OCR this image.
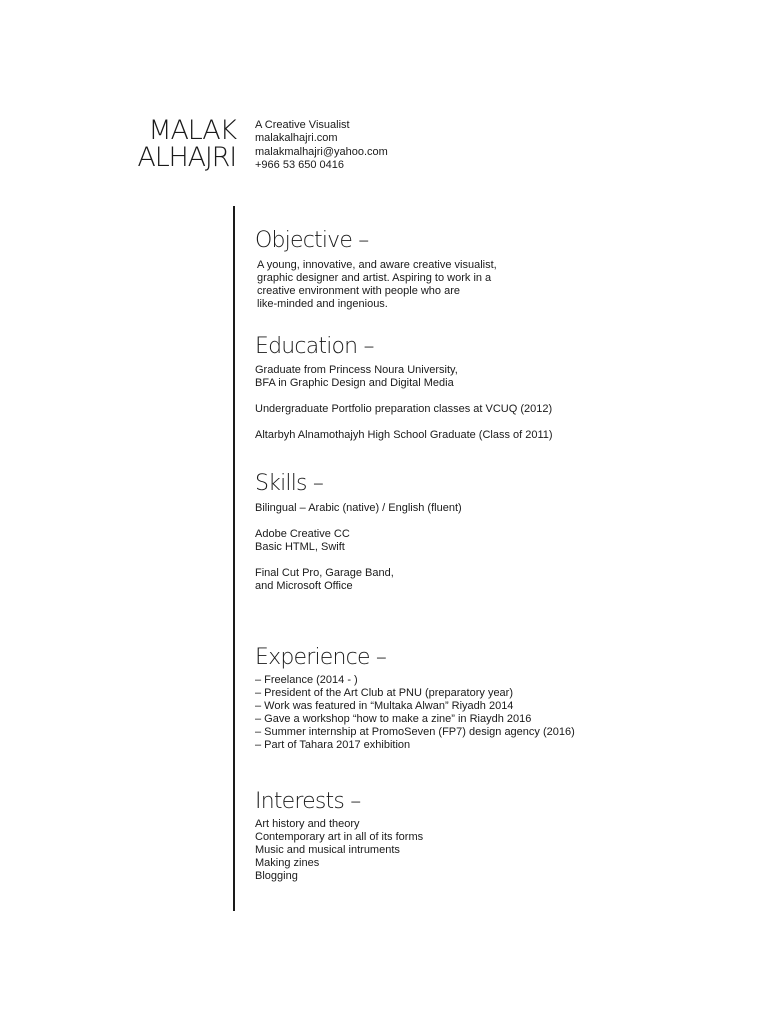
MALAK
ALHAJRI
A Creative Visualist
malakalhajri.com
malakmalhajri@yahoo.com
+966 53 650 0416
Objective –
A young, innovative, and aware creative visualist,
graphic designer and artist. Aspiring to work in a
creative environment with people who are
like-minded and ingenious.
Education –
Graduate from Princess Noura University,
BFA in Graphic Design and Digital Media
Undergraduate Portfolio preparation classes at VCUQ (2012)
Altarbyh Alnamothajyh High School Graduate (Class of 2011)
Skills –
Bilingual – Arabic (native) / English (fluent)
Adobe Creative CC
Basic HTML, Swift
Final Cut Pro, Garage Band,
and Microsoft Office
Experience –
– Freelance (2014 - )
– President of the Art Club at PNU (preparatory year)
– Work was featured in “Multaka Alwan” Riyadh 2014
– Gave a workshop “how to make a zine” in Riaydh 2016
– Summer internship at PromoSeven (FP7) design agency (2016)
– Part of Tahara 2017 exhibition
Interests –
Art history and theory
Contemporary art in all of its forms
Music and musical intruments
Making zines
Blogging
